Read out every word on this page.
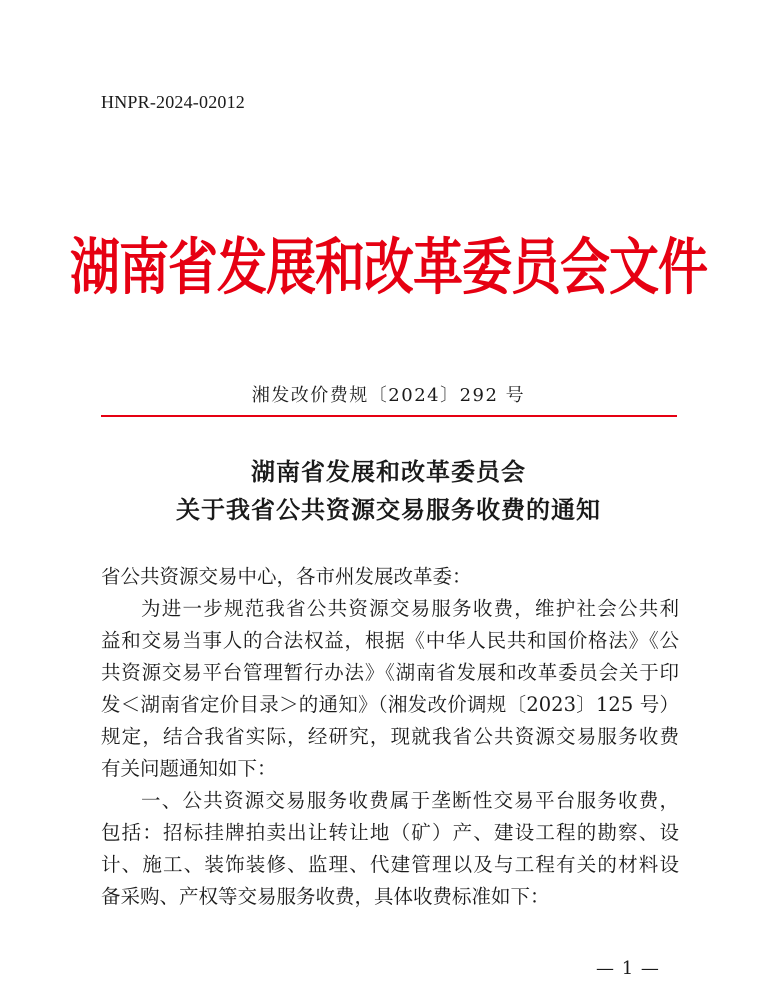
HNPR-2024-02012
湖南省发展和改革委员会文件
湘发改价费规〔2024〕292 号
湖南省发展和改革委员会
关于我省公共资源交易服务收费的通知
省公共资源交易中心，各市州发展改革委：
为进一步规范我省公共资源交易服务收费，维护社会公共利
益和交易当事人的合法权益，根据《中华人民共和国价格法》《公
共资源交易平台管理暂行办法》《湖南省发展和改革委员会关于印
发＜湖南省定价目录＞的通知》（湘发改价调规〔2023〕125 号）
规定，结合我省实际，经研究，现就我省公共资源交易服务收费
有关问题通知如下：
一、公共资源交易服务收费属于垄断性交易平台服务收费，
包括：招标挂牌拍卖出让转让地（矿）产、建设工程的勘察、设
计、施工、装饰装修、监理、代建管理以及与工程有关的材料设
备采购、产权等交易服务收费，具体收费标准如下：
— 1 —
